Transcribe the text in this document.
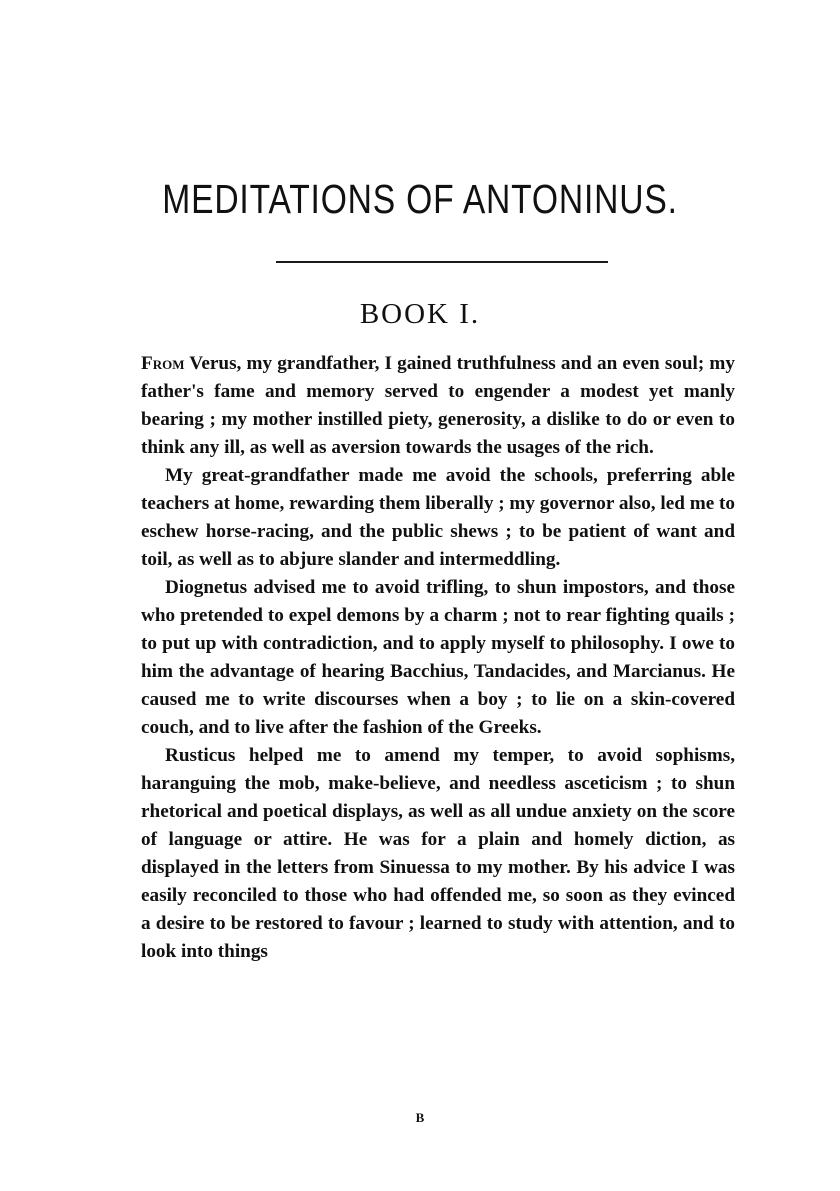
MEDITATIONS OF ANTONINUS.
BOOK I.

From Verus, my grandfather, I gained truthfulness and an even soul; my father's fame and memory served to engender a modest yet manly bearing ; my mother instilled piety, generosity, a dislike to do or even to think any ill, as well as aversion towards the usages of the rich.

My great-grandfather made me avoid the schools, preferring able teachers at home, rewarding them liberally ; my governor also, led me to eschew horse-racing, and the public shews ; to be patient of want and toil, as well as to abjure slander and intermeddling.

Diognetus advised me to avoid trifling, to shun impostors, and those who pretended to expel demons by a charm ; not to rear fighting quails ; to put up with contradiction, and to apply myself to philosophy. I owe to him the advantage of hearing Bacchius, Tandacides, and Marcianus. He caused me to write discourses when a boy ; to lie on a skin-covered couch, and to live after the fashion of the Greeks.

Rusticus helped me to amend my temper, to avoid sophisms, haranguing the mob, make-believe, and needless asceticism ; to shun rhetorical and poetical displays, as well as all undue anxiety on the score of language or attire. He was for a plain and homely diction, as displayed in the letters from Sinuessa to my mother. By his advice I was easily reconciled to those who had offended me, so soon as they evinced a desire to be restored to favour ; learned to study with attention, and to look into things

B
